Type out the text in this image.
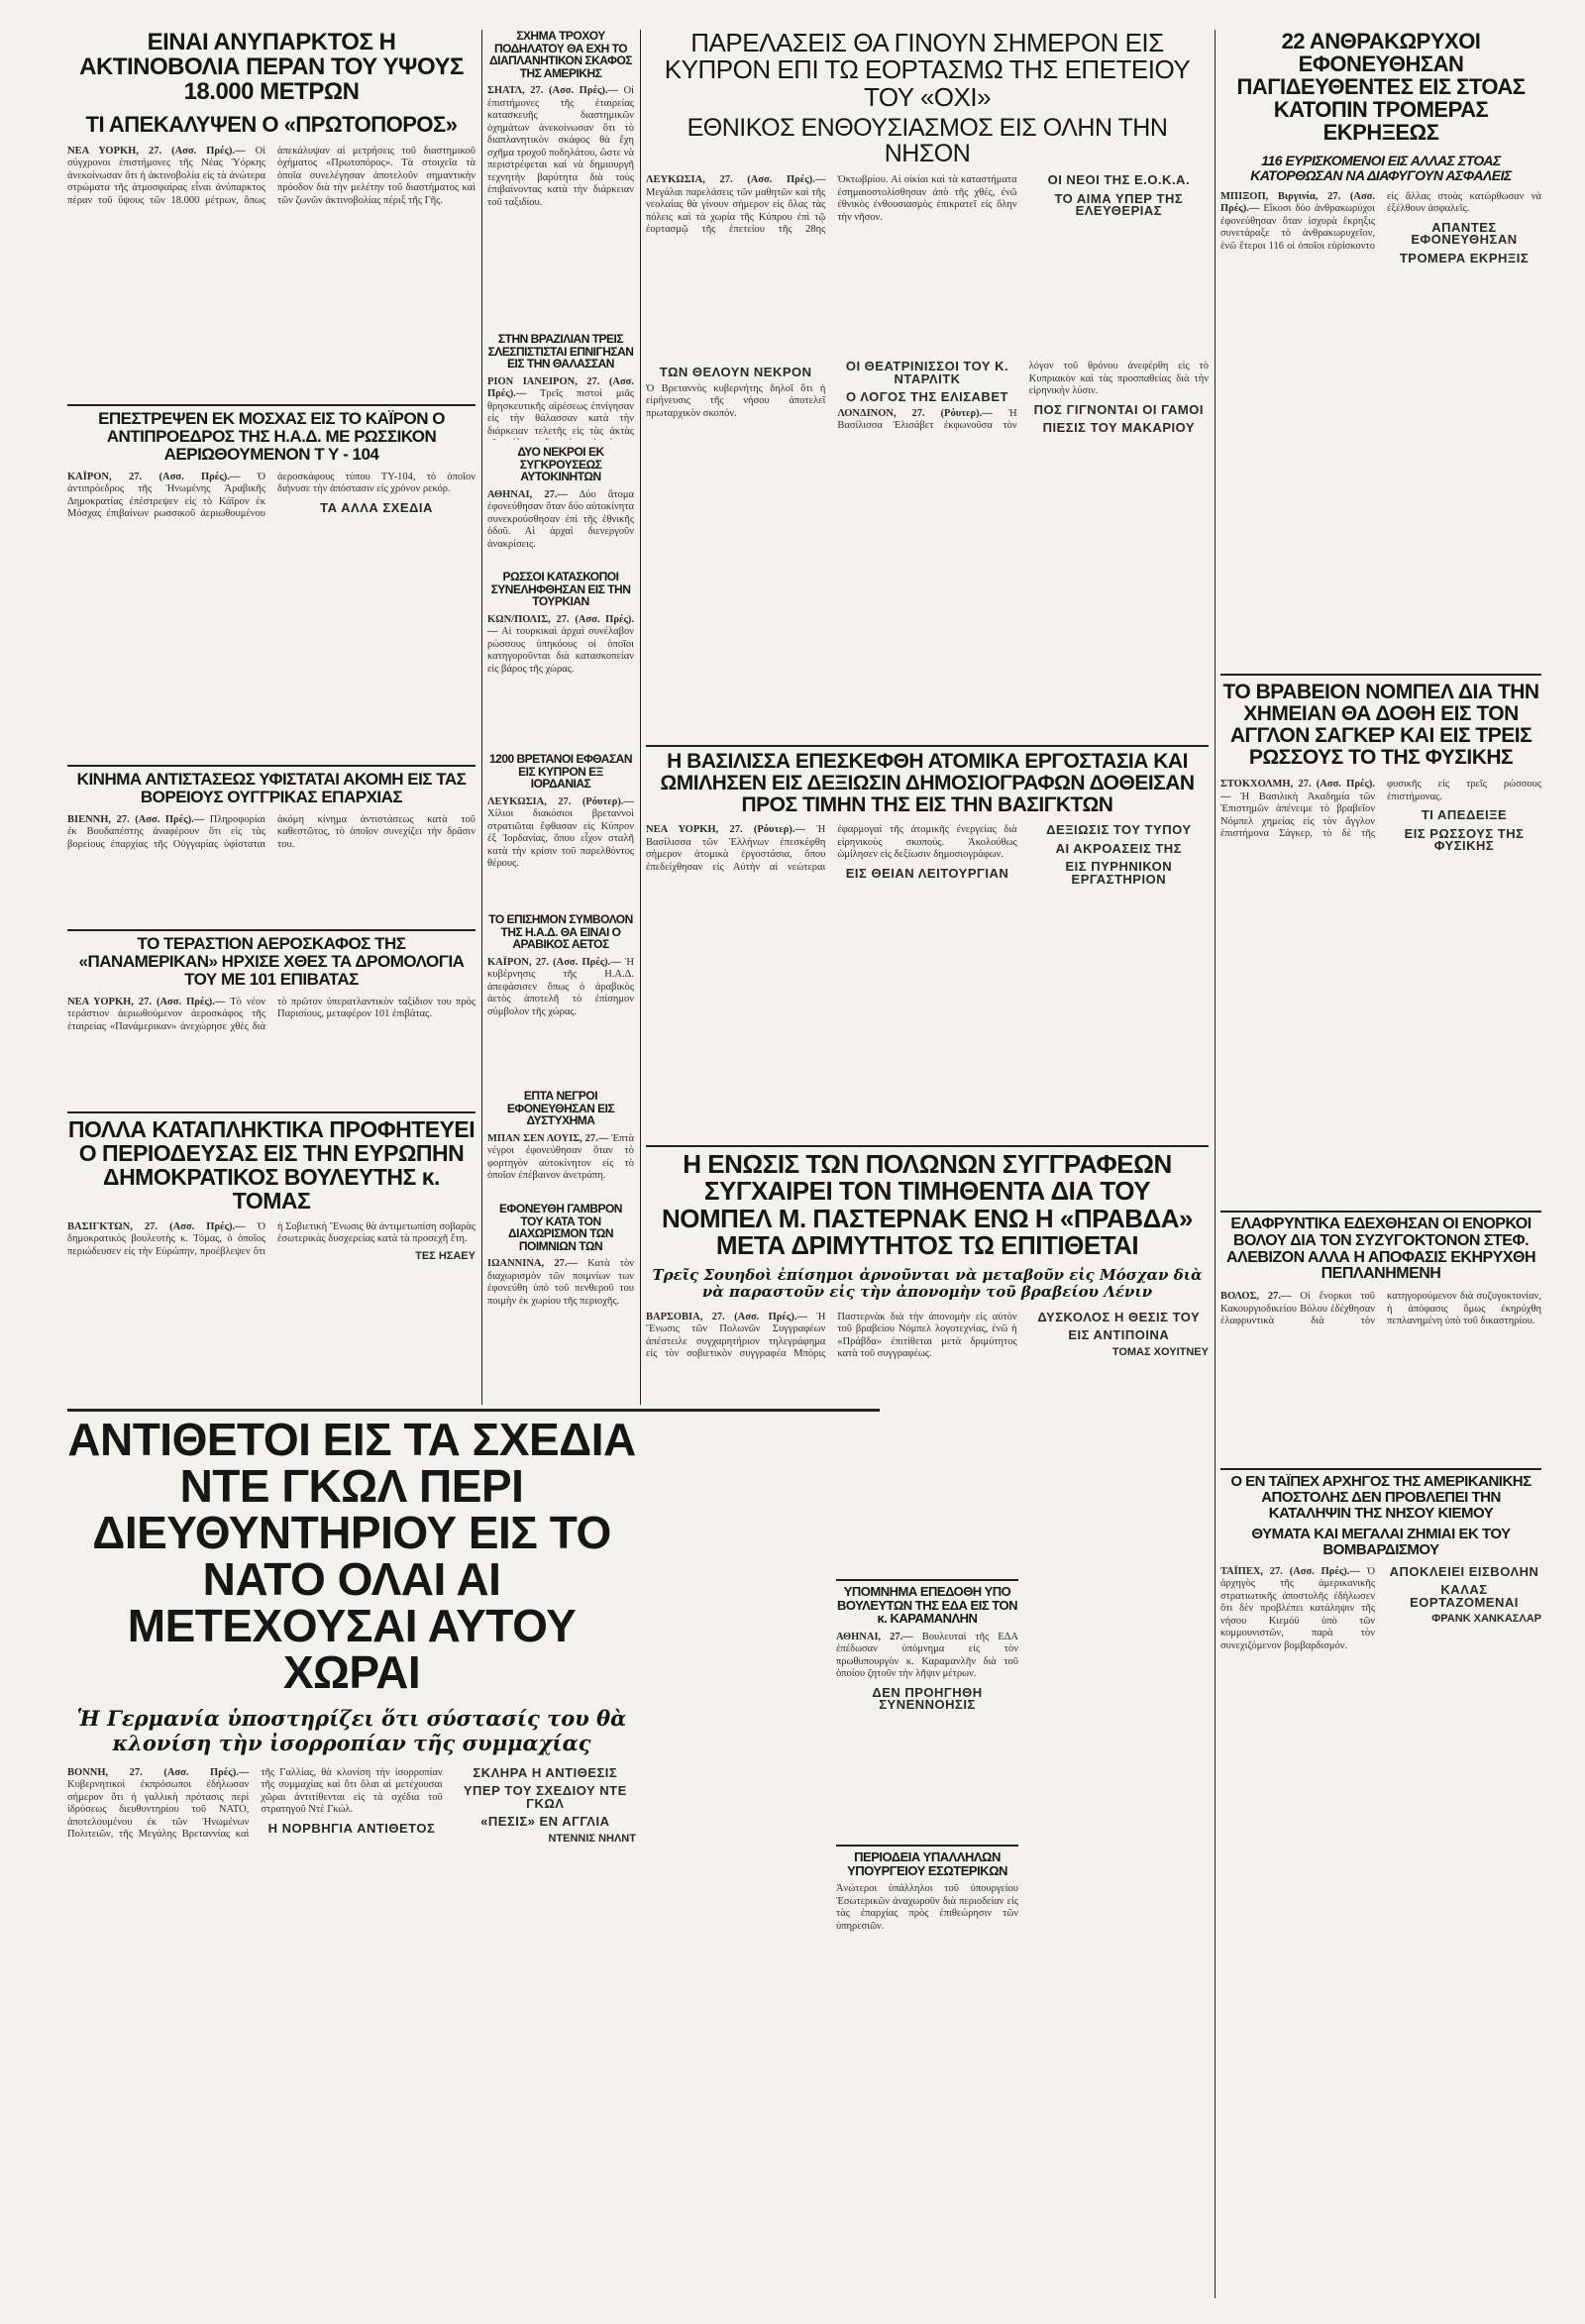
ΕΙΝΑΙ ΑΝΥΠΑΡΚΤΟΣ Η ΑΚΤΙΝΟΒΟΛΙΑ ΠΕΡΑΝ ΤΟΥ ΥΨΟΥΣ 18.000 ΜΕΤΡΩΝ
ΤΙ ΑΠΕΚΑΛΥΨΕΝ Ο «ΠΡΩΤΟΠΟΡΟΣ»
ΝΕΑ ΥΟΡΚΗ, 27. (Ασσ. Πρές).— Οἱ σύγχρονοι ἐπιστήμονες τῆς Νέας Ὑόρκης ἀνεκοίνωσαν ὅτι ἡ ἀκτινοβολία εἰς τὰ ἀνώτερα στρώματα τῆς ἀτμοσφαίρας εἶναι ἀνύπαρκτος πέραν τοῦ ὕψους τῶν 18.000 μέτρων, ὅπως ἀπεκάλυψαν αἱ μετρήσεις τοῦ διαστημικοῦ ὀχήματος «Πρωτοπόρος». Τὰ στοιχεῖα τὰ ὁποῖα συνελέγησαν ἀποτελοῦν σημαντικὴν πρόοδον διὰ τὴν μελέτην τοῦ διαστήματος καὶ τῶν ζωνῶν ἀκτινοβολίας πέριξ τῆς Γῆς.
ΕΠΕΣΤΡΕΨΕΝ ΕΚ ΜΟΣΧΑΣ ΕΙΣ ΤΟ ΚΑΪΡΟΝ Ο ΑΝΤΙΠΡΟΕΔΡΟΣ ΤΗΣ Η.Α.Δ. ΜΕ ΡΩΣΣΙΚΟΝ ΑΕΡΙΩΘΟΥΜΕΝΟΝ Τ Υ - 104
ΚΑΪΡΟΝ, 27. (Ασσ. Πρές).— Ὁ ἀντιπρόεδρος τῆς Ἡνωμένης Ἀραβικῆς Δημοκρατίας ἐπέστρεψεν εἰς τὸ Κάϊρον ἐκ Μόσχας ἐπιβαίνων ρωσσικοῦ ἀεριωθουμένου ἀεροσκάφους τύπου ΤΥ-104, τὸ ὁποῖον διήνυσε τὴν ἀπόστασιν εἰς χρόνον ρεκόρ.
ΤΑ ΑΛΛΑ ΣΧΕΔΙΑ
ΚΙΝΗΜΑ ΑΝΤΙΣΤΑΣΕΩΣ ΥΦΙΣΤΑΤΑΙ ΑΚΟΜΗ ΕΙΣ ΤΑΣ ΒΟΡΕΙΟΥΣ ΟΥΓΓΡΙΚΑΣ ΕΠΑΡΧΙΑΣ
ΒΙΕΝΝΗ, 27. (Ασσ. Πρές).— Πληροφορίαι ἐκ Βουδαπέστης ἀναφέρουν ὅτι εἰς τὰς βορείους ἐπαρχίας τῆς Οὐγγαρίας ὑφίσταται ἀκόμη κίνημα ἀντιστάσεως κατὰ τοῦ καθεστῶτος, τὸ ὁποῖον συνεχίζει τὴν δρᾶσιν του.
ΤΟ ΤΕΡΑΣΤΙΟΝ ΑΕΡΟΣΚΑΦΟΣ ΤΗΣ «ΠΑΝΑΜΕΡΙΚΑΝ» ΗΡΧΙΣΕ ΧΘΕΣ ΤΑ ΔΡΟΜΟΛΟΓΙΑ ΤΟΥ ΜΕ 101 ΕΠΙΒΑΤΑΣ
ΝΕΑ ΥΟΡΚΗ, 27. (Ασσ. Πρές).— Τὸ νέον τεράστιον ἀεριωθούμενον ἀεροσκάφος τῆς ἑταιρείας «Πανάμερικαν» ἀνεχώρησε χθὲς διὰ τὸ πρῶτον ὑπερατλαντικὸν ταξίδιον του πρὸς Παρισίους, μεταφέρον 101 ἐπιβάτας.
ΠΟΛΛΑ ΚΑΤΑΠΛΗΚΤΙΚΑ ΠΡΟΦΗΤΕΥΕΙ Ο ΠΕΡΙΟΔΕΥΣΑΣ ΕΙΣ ΤΗΝ ΕΥΡΩΠΗΝ ΔΗΜΟΚΡΑΤΙΚΟΣ ΒΟΥΛΕΥΤΗΣ κ. ΤΟΜΑΣ
ΒΑΣΙΓΚΤΩΝ, 27. (Ασσ. Πρές).— Ὁ δημοκρατικὸς βουλευτὴς κ. Τόμας, ὁ ὁποῖος περιώδευσεν εἰς τὴν Εὐρώπην, προέβλεψεν ὅτι ἡ Σοβιετικὴ Ἕνωσις θὰ ἀντιμετωπίση σοβαρὰς ἐσωτερικὰς δυσχερείας κατὰ τὰ προσεχῆ ἔτη.
ΤΕΣ ΗΣΑΕΥ
ΣΧΗΜΑ ΤΡΟΧΟΥ ΠΟΔΗΛΑΤΟΥ ΘΑ ΕΧΗ ΤΟ ΔΙΑΠΛΑΝΗΤΙΚΟΝ ΣΚΑΦΟΣ ΤΗΣ ΑΜΕΡΙΚΗΣ
ΣΗΑΤΛ, 27. (Ασσ. Πρές).— Οἱ ἐπιστήμονες τῆς ἑταιρείας κατασκευῆς διαστημικῶν ὀχημάτων ἀνεκοίνωσαν ὅτι τὸ διαπλανητικὸν σκάφος θὰ ἔχη σχῆμα τροχοῦ ποδηλάτου, ὥστε νὰ περιστρέφεται καὶ νὰ δημιουργῆ τεχνητὴν βαρύτητα διὰ τοὺς ἐπιβαίνοντας κατὰ τὴν διάρκειαν τοῦ ταξιδίου.
ΣΤΗΝ ΒΡΑΖΙΛΙΑΝ ΤΡΕΙΣ ΣΛΕΣΠΙΣΤΙΣΤΑΙ ΕΠΝΙΓΗΣΑΝ ΕΙΣ ΤΗΝ ΘΑΛΑΣΣΑΝ
ΡΙΟΝ ΙΑΝΕΙΡΟΝ, 27. (Ασσ. Πρές).— Τρεῖς πιστοὶ μιᾶς θρησκευτικῆς αἱρέσεως ἐπνίγησαν εἰς τὴν θάλασσαν κατὰ τὴν διάρκειαν τελετῆς εἰς τὰς ἀκτὰς
ΔΥΟ ΝΕΚΡΟΙ ΕΚ ΣΥΓΚΡΟΥΣΕΩΣ ΑΥΤΟΚΙΝΗΤΩΝ
ΑΘΗΝΑΙ, 27.— Δύο ἄτομα ἐφονεύθησαν ὅταν δύο αὐτοκίνητα συνεκρούσθησαν ἐπὶ τῆς ἐθνικῆς ὁδοῦ. Αἱ ἀρχαὶ διενεργοῦν ἀνακρίσεις.
ΡΩΣΣΟΙ ΚΑΤΑΣΚΟΠΟΙ ΣΥΝΕΛΗΦΘΗΣΑΝ ΕΙΣ ΤΗΝ ΤΟΥΡΚΙΑΝ
ΚΩΝ/ΠΟΛΙΣ, 27. (Ασσ. Πρές).— Αἱ τουρκικαὶ ἀρχαὶ συνέλαβον ρώσσους ὑπηκόους οἱ ὁποῖοι κατηγοροῦνται διὰ κατασκοπείαν εἰς βάρος τῆς χώρας.
1200 ΒΡΕΤΑΝΟΙ ΕΦΘΑΣΑΝ ΕΙΣ ΚΥΠΡΟΝ ΕΞ ΙΟΡΔΑΝΙΑΣ
ΛΕΥΚΩΣΙΑ, 27. (Ρόυτερ).— Χίλιοι διακόσιοι βρεταννοὶ στρατιῶται ἔφθασαν εἰς Κύπρον ἐξ Ἰορδανίας, ὅπου εἶχον σταλῆ κατὰ τὴν κρίσιν τοῦ παρελθόντος θέρους.
ΤΟ ΕΠΙΣΗΜΟΝ ΣΥΜΒΟΛΟΝ ΤΗΣ Η.Α.Δ. ΘΑ ΕΙΝΑΙ Ο ΑΡΑΒΙΚΟΣ ΑΕΤΟΣ
ΚΑΪΡΟΝ, 27. (Ασσ. Πρές).— Ἡ κυβέρνησις τῆς Η.Α.Δ. ἀπεφάσισεν ὅπως ὁ ἀραβικὸς ἀετὸς ἀποτελῆ τὸ ἐπίσημον σύμβολον τῆς χώρας.
ΕΠΤΑ ΝΕΓΡΟΙ ΕΦΟΝΕΥΘΗΣΑΝ ΕΙΣ ΔΥΣΤΥΧΗΜΑ
ΜΠΑΝ ΣΕΝ ΛΟΥΙΣ, 27.— Ἑπτὰ νέγροι ἐφονεύθησαν ὅταν τὸ φορτηγὸν αὐτοκίνητον εἰς τὸ ὁποῖον ἐπέβαινον ἀνετράπη.
ΕΦΟΝΕΥΘΗ ΓΑΜΒΡΟΝ ΤΟΥ ΚΑΤΑ ΤΟΝ ΔΙΑΧΩΡΙΣΜΟΝ ΤΩΝ ΠΟΙΜΝΙΩΝ ΤΩΝ
ΙΩΑΝΝΙΝΑ, 27.— Κατὰ τὸν διαχωρισμὸν τῶν ποιμνίων των ἐφονεύθη ὑπὸ τοῦ πενθεροῦ του ποιμὴν ἐκ χωρίου τῆς περιοχῆς.
ΠΑΡΕΛΑΣΕΙΣ ΘΑ ΓΙΝΟΥΝ ΣΗΜΕΡΟΝ ΕΙΣ ΚΥΠΡΟΝ ΕΠΙ ΤΩ ΕΟΡΤΑΣΜΩ ΤΗΣ ΕΠΕΤΕΙΟΥ ΤΟΥ «ΟΧΙ»
ΕΘΝΙΚΟΣ ΕΝΘΟΥΣΙΑΣΜΟΣ ΕΙΣ ΟΛΗΝ ΤΗΝ ΝΗΣΟΝ
ΛΕΥΚΩΣΙΑ, 27. (Ασσ. Πρές).— Μεγάλαι παρελάσεις τῶν μαθητῶν καὶ τῆς νεολαίας θὰ γίνουν σήμερον εἰς ὅλας τὰς πόλεις καὶ τὰ χωρία τῆς Κύπρου ἐπὶ τῷ ἑορτασμῷ τῆς ἐπετείου τῆς 28ης Ὀκτωβρίου. Αἱ οἰκίαι καὶ τὰ καταστήματα ἐσημαιοστολίσθησαν ἀπὸ τῆς χθές, ἐνῶ ἐθνικὸς ἐνθουσιασμὸς ἐπικρατεῖ εἰς ὅλην τὴν νῆσον.
ΟΙ ΝΕΟΙ ΤΗΣ Ε.Ο.Κ.Α.
ΤΟ ΑΙΜΑ ΥΠΕΡ ΤΗΣ ΕΛΕΥΘΕΡΙΑΣ
ΤΩΝ ΘΕΛΟΥΝ ΝΕΚΡΟΝ
Ὁ Βρεταννὸς κυβερνήτης δηλοῖ ὅτι ἡ εἰρήνευσις τῆς νήσου ἀποτελεῖ πρωταρχικὸν σκοπόν.
ΟΙ ΘΕΑΤΡΙΝΙΣΣΟΙ ΤΟΥ Κ. ΝΤΑΡΛΙΤΚ
Ο ΛΟΓΟΣ ΤΗΣ ΕΛΙΣΑΒΕΤ
ΛΟΝΔΙΝΟΝ, 27. (Ρόυτερ).— Ἡ Βασίλισσα Ἐλισάβετ ἐκφωνοῦσα τὸν λόγον τοῦ θρόνου ἀνεφέρθη εἰς τὸ Κυπριακὸν καὶ τὰς προσπαθείας διὰ τὴν εἰρηνικὴν λύσιν.
ΠΟΣ ΓΙΓΝΟΝΤΑΙ ΟΙ ΓΑΜΟΙ
ΠΙΕΣΙΣ ΤΟΥ ΜΑΚΑΡΙΟΥ
Η ΒΑΣΙΛΙΣΣΑ ΕΠΕΣΚΕΦΘΗ ΑΤΟΜΙΚΑ ΕΡΓΟΣΤΑΣΙΑ ΚΑΙ ΩΜΙΛΗΣΕΝ ΕΙΣ ΔΕΞΙΩΣΙΝ ΔΗΜΟΣΙΟΓΡΑΦΩΝ ΔΟΘΕΙΣΑΝ ΠΡΟΣ ΤΙΜΗΝ ΤΗΣ ΕΙΣ ΤΗΝ ΒΑΣΙΓΚΤΩΝ
ΝΕΑ ΥΟΡΚΗ, 27. (Ρόυτερ).— Ἡ Βασίλισσα τῶν Ἑλλήνων ἐπεσκέφθη σήμερον ἀτομικὰ ἐργοστάσια, ὅπου ἐπεδείχθησαν εἰς Αὐτὴν αἱ νεώτεραι ἐφαρμογαὶ τῆς ἀτομικῆς ἐνεργείας διὰ εἰρηνικοὺς σκοπούς. Ἀκολούθως ὡμίλησεν εἰς δεξίωσιν δημοσιογράφων.
ΕΙΣ ΘΕΙΑΝ ΛΕΙΤΟΥΡΓΙΑΝ
ΔΕΞΙΩΣΙΣ ΤΟΥ ΤΥΠΟΥ
ΑΙ ΑΚΡΟΑΣΕΙΣ ΤΗΣ
ΕΙΣ ΠΥΡΗΝΙΚΟΝ ΕΡΓΑΣΤΗΡΙΟΝ
Η ΕΝΩΣΙΣ ΤΩΝ ΠΟΛΩΝΩΝ ΣΥΓΓΡΑΦΕΩΝ ΣΥΓΧΑΙΡΕΙ ΤΟΝ ΤΙΜΗΘΕΝΤΑ ΔΙΑ ΤΟΥ ΝΟΜΠΕΛ Μ. ΠΑΣΤΕΡΝΑΚ ΕΝΩ Η «ΠΡΑΒΔΑ» ΜΕΤΑ ΔΡΙΜΥΤΗΤΟΣ ΤΩ ΕΠΙΤΙΘΕΤΑΙ
Τρεῖς Σουηδοὶ ἐπίσημοι ἀρνοῦνται νὰ μεταβοῦν εἰς Μόσχαν διὰ νὰ παραστοῦν εἰς τὴν ἀπονομὴν τοῦ βραβείου Λένιν
ΒΑΡΣΟΒΙΑ, 27. (Ασσ. Πρές).— Ἡ Ἕνωσις τῶν Πολωνῶν Συγγραφέων ἀπέστειλε συγχαρητήριον τηλεγράφημα εἰς τὸν σοβιετικὸν συγγραφέα Μπόρις Παστερνὰκ διὰ τὴν ἀπονομὴν εἰς αὐτὸν τοῦ βραβείου Νόμπελ λογοτεχνίας, ἐνῶ ἡ «Πράβδα» ἐπιτίθεται μετὰ δριμύτητος κατὰ τοῦ συγγραφέως.
ΔΥΣΚΟΛΟΣ Η ΘΕΣΙΣ ΤΟΥ
ΕΙΣ ΑΝΤΙΠΟΙΝΑ
ΤΟΜΑΣ ΧΟΥΙΤΝΕΥ
ΥΠΟΜΝΗΜΑ ΕΠΕΔΟΘΗ ΥΠΟ ΒΟΥΛΕΥΤΩΝ ΤΗΣ ΕΔΑ ΕΙΣ ΤΟΝ κ. ΚΑΡΑΜΑΝΛΗΝ
ΑΘΗΝΑΙ, 27.— Βουλευταὶ τῆς ΕΔΑ ἐπέδωσαν ὑπόμνημα εἰς τὸν πρωθυπουργὸν κ. Καραμανλῆν διὰ τοῦ ὁποίου ζητοῦν τὴν λῆψιν μέτρων.
ΔΕΝ ΠΡΟΗΓΗΘΗ ΣΥΝΕΝΝΟΗΣΙΣ
ΠΕΡΙΟΔΕΙΑ ΥΠΑΛΛΗΛΩΝ ΥΠΟΥΡΓΕΙΟΥ ΕΣΩΤΕΡΙΚΩΝ
Ἀνώτεροι ὑπάλληλοι τοῦ ὑπουργείου Ἐσωτερικῶν ἀναχωροῦν διὰ περιοδείαν εἰς τὰς ἐπαρχίας πρὸς ἐπιθεώρησιν τῶν ὑπηρεσιῶν.
ΑΝΤΙΘΕΤΟΙ ΕΙΣ ΤΑ ΣΧΕΔΙΑ ΝΤΕ ΓΚΩΛ ΠΕΡΙ ΔΙΕΥΘΥΝΤΗΡΙΟΥ ΕΙΣ ΤΟ ΝΑΤΟ ΟΛΑΙ ΑΙ ΜΕΤΕΧΟΥΣΑΙ ΑΥΤΟΥ ΧΩΡΑΙ
Ἡ Γερμανία ὑποστηρίζει ὅτι σύστασίς του θὰ κλονίση τὴν ἰσορροπίαν τῆς συμμαχίας
ΒΟΝΝΗ, 27. (Ασσ. Πρές).— Κυβερνητικοὶ ἐκπρόσωποι ἐδήλωσαν σήμερον ὅτι ἡ γαλλικὴ πρότασις περὶ ἱδρύσεως διευθυντηρίου τοῦ ΝΑΤΟ, ἀποτελουμένου ἐκ τῶν Ἡνωμένων Πολιτειῶν, τῆς Μεγάλης Βρεταννίας καὶ τῆς Γαλλίας, θὰ κλονίση τὴν ἰσορροπίαν τῆς συμμαχίας καὶ ὅτι ὅλαι αἱ μετέχουσαι χῶραι ἀντιτίθενται εἰς τὰ σχέδια τοῦ στρατηγοῦ Ντὲ Γκώλ.
Η ΝΟΡΒΗΓΙΑ ΑΝΤΙΘΕΤΟΣ
ΣΚΛΗΡΑ Η ΑΝΤΙΘΕΣΙΣ
ΥΠΕΡ ΤΟΥ ΣΧΕΔΙΟΥ ΝΤΕ ΓΚΩΛ
«ΠΕΣΙΣ» ΕΝ ΑΓΓΛΙΑ
ΝΤΕΝΝΙΣ ΝΗΛΝΤ
22 ΑΝΘΡΑΚΩΡΥΧΟΙ ΕΦΟΝΕΥΘΗΣΑΝ ΠΑΓΙΔΕΥΘΕΝΤΕΣ ΕΙΣ ΣΤΟΑΣ ΚΑΤΟΠΙΝ ΤΡΟΜΕΡΑΣ ΕΚΡΗΞΕΩΣ
116 ΕΥΡΙΣΚΟΜΕΝΟΙ ΕΙΣ ΑΛΛΑΣ ΣΤΟΑΣ ΚΑΤΟΡΘΩΣΑΝ ΝΑ ΔΙΑΦΥΓΟΥΝ ΑΣΦΑΛΕΙΣ
ΜΠΙΞΟΠ, Βιργινία, 27. (Ασσ. Πρές).— Εἴκοσι δύο ἀνθρακωρύχοι ἐφονεύθησαν ὅταν ἰσχυρὰ ἔκρηξις συνετάραξε τὸ ἀνθρακωρυχεῖον, ἐνῶ ἕτεροι 116 οἱ ὁποῖοι εὑρίσκοντο εἰς ἄλλας στοὰς κατώρθωσαν νὰ ἐξέλθουν ἀσφαλεῖς.
ΑΠΑΝΤΕΣ ΕΦΟΝΕΥΘΗΣΑΝ
ΤΡΟΜΕΡΑ ΕΚΡΗΞΙΣ
ΤΟ ΒΡΑΒΕΙΟΝ ΝΟΜΠΕΛ ΔΙΑ ΤΗΝ ΧΗΜΕΙΑΝ ΘΑ ΔΟΘΗ ΕΙΣ ΤΟΝ ΑΓΓΛΟΝ ΣΑΓΚΕΡ ΚΑΙ ΕΙΣ ΤΡΕΙΣ ΡΩΣΣΟΥΣ ΤΟ ΤΗΣ ΦΥΣΙΚΗΣ
ΣΤΟΚΧΟΛΜΗ, 27. (Ασσ. Πρές).— Ἡ Βασιλικὴ Ἀκαδημία τῶν Ἐπιστημῶν ἀπένειμε τὸ βραβεῖον Νόμπελ χημείας εἰς τὸν ἄγγλον ἐπιστήμονα Σάγκερ, τὸ δὲ τῆς φυσικῆς εἰς τρεῖς ρώσσους ἐπιστήμονας.
ΤΙ ΑΠΕΔΕΙΞΕ
ΕΙΣ ΡΩΣΣΟΥΣ ΤΗΣ ΦΥΣΙΚΗΣ
ΕΛΑΦΡΥΝΤΙΚΑ ΕΔΕΧΘΗΣΑΝ ΟΙ ΕΝΟΡΚΟΙ ΒΟΛΟΥ ΔΙΑ ΤΟΝ ΣΥΖΥΓΟΚΤΟΝΟΝ ΣΤΕΦ. ΑΛΕΒΙΖΟΝ ΑΛΛΑ Η ΑΠΟΦΑΣΙΣ ΕΚΗΡΥΧΘΗ ΠΕΠΛΑΝΗΜΕΝΗ
ΒΟΛΟΣ, 27.— Οἱ ἔνορκοι τοῦ Κακουργιοδικείου Βόλου ἐδέχθησαν ἐλαφρυντικὰ διὰ τὸν κατηγορούμενον διὰ συζυγοκτονίαν, ἡ ἀπόφασις ὅμως ἐκηρύχθη πεπλανημένη ὑπὸ τοῦ δικαστηρίου.
Ο ΕΝ ΤΑΪΠΕΧ ΑΡΧΗΓΟΣ ΤΗΣ ΑΜΕΡΙΚΑΝΙΚΗΣ ΑΠΟΣΤΟΛΗΣ ΔΕΝ ΠΡΟΒΛΕΠΕΙ ΤΗΝ ΚΑΤΑΛΗΨΙΝ ΤΗΣ ΝΗΣΟΥ ΚΙΕΜΟΥ
ΘΥΜΑΤΑ ΚΑΙ ΜΕΓΑΛΑΙ ΖΗΜΙΑΙ ΕΚ ΤΟΥ ΒΟΜΒΑΡΔΙΣΜΟΥ
ΤΑΪΠΕΧ, 27. (Ασσ. Πρές).— Ὁ ἀρχηγὸς τῆς ἀμερικανικῆς στρατιωτικῆς ἀποστολῆς ἐδήλωσεν ὅτι δὲν προβλέπει κατάληψιν τῆς νήσου Κιεμόϋ ὑπὸ τῶν κομμουνιστῶν, παρὰ τὸν συνεχιζόμενον βομβαρδισμόν.
ΑΠΟΚΛΕΙΕΙ ΕΙΣΒΟΛΗΝ
ΚΑΛΑΣ ΕΟΡΤΑΖΟΜΕΝΑΙ
ΦΡΑΝΚ ΧΑΝΚΑΣΛΑΡ
